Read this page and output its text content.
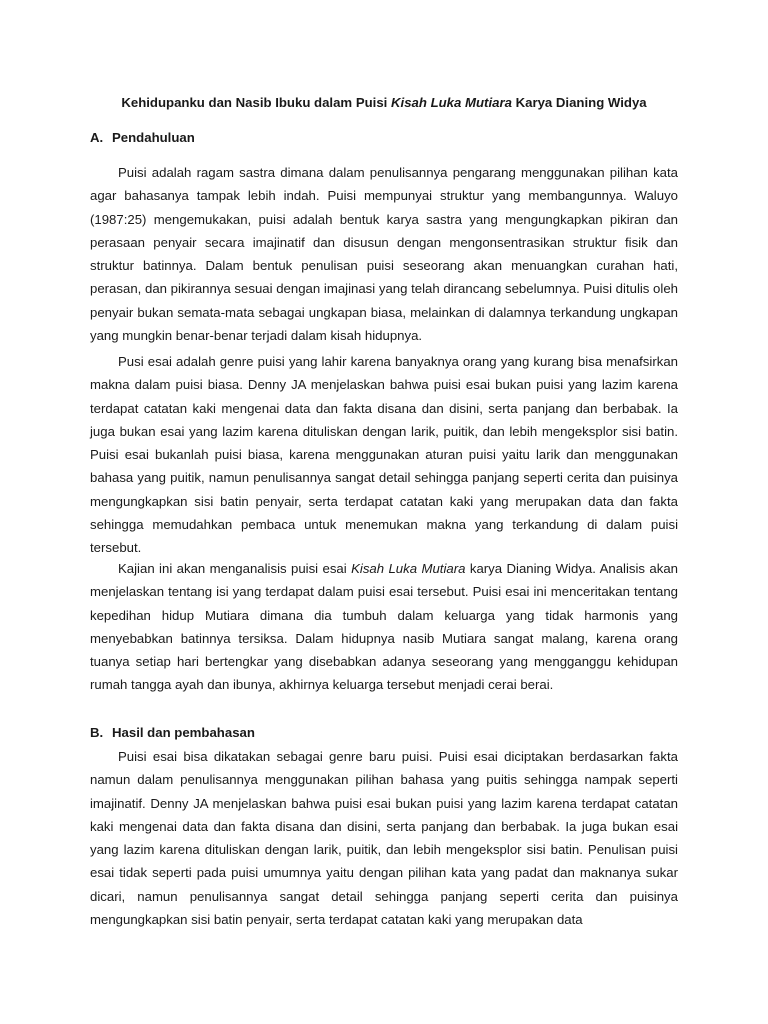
Kehidupanku dan Nasib Ibuku dalam Puisi Kisah Luka Mutiara Karya Dianing Widya
A. Pendahuluan

Puisi adalah ragam sastra dimana dalam penulisannya pengarang menggunakan pilihan kata agar bahasanya tampak lebih indah. Puisi mempunyai struktur yang membangunnya. Waluyo (1987:25) mengemukakan, puisi adalah bentuk karya sastra yang mengungkapkan pikiran dan perasaan penyair secara imajinatif dan disusun dengan mengonsentrasikan struktur fisik dan struktur batinnya. Dalam bentuk penulisan puisi seseorang akan menuangkan curahan hati, perasan, dan pikirannya sesuai dengan imajinasi yang telah dirancang sebelumnya. Puisi ditulis oleh penyair bukan semata-mata sebagai ungkapan biasa, melainkan di dalamnya terkandung ungkapan yang mungkin benar-benar terjadi dalam kisah hidupnya.

Pusi esai adalah genre puisi yang lahir karena banyaknya orang yang kurang bisa menafsirkan makna dalam puisi biasa. Denny JA menjelaskan bahwa puisi esai bukan puisi yang lazim karena terdapat catatan kaki mengenai data dan fakta disana dan disini, serta panjang dan berbabak. Ia juga bukan esai yang lazim karena dituliskan dengan larik, puitik, dan lebih mengeksplor sisi batin. Puisi esai bukanlah puisi biasa, karena menggunakan aturan puisi yaitu larik dan menggunakan bahasa yang puitik, namun penulisannya sangat detail sehingga panjang seperti cerita dan puisinya mengungkapkan sisi batin penyair, serta terdapat catatan kaki yang merupakan data dan fakta sehingga memudahkan pembaca untuk menemukan makna yang terkandung di dalam puisi tersebut.

Kajian ini akan menganalisis puisi esai Kisah Luka Mutiara karya Dianing Widya. Analisis akan menjelaskan tentang isi yang terdapat dalam puisi esai tersebut. Puisi esai ini menceritakan tentang kepedihan hidup Mutiara dimana dia tumbuh dalam keluarga yang tidak harmonis yang menyebabkan batinnya tersiksa. Dalam hidupnya nasib Mutiara sangat malang, karena orang tuanya setiap hari bertengkar yang disebabkan adanya seseorang yang mengganggu kehidupan rumah tangga ayah dan ibunya, akhirnya keluarga tersebut menjadi cerai berai.

B. Hasil dan pembahasan

Puisi esai bisa dikatakan sebagai genre baru puisi. Puisi esai diciptakan berdasarkan fakta namun dalam penulisannya menggunakan pilihan bahasa yang puitis sehingga nampak seperti imajinatif. Denny JA menjelaskan bahwa puisi esai bukan puisi yang lazim karena terdapat catatan kaki mengenai data dan fakta disana dan disini, serta panjang dan berbabak. Ia juga bukan esai yang lazim karena dituliskan dengan larik, puitik, dan lebih mengeksplor sisi batin. Penulisan puisi esai tidak seperti pada puisi umumnya yaitu dengan pilihan kata yang padat dan maknanya sukar dicari, namun penulisannya sangat detail sehingga panjang seperti cerita dan puisinya mengungkapkan sisi batin penyair, serta terdapat catatan kaki yang merupakan data
